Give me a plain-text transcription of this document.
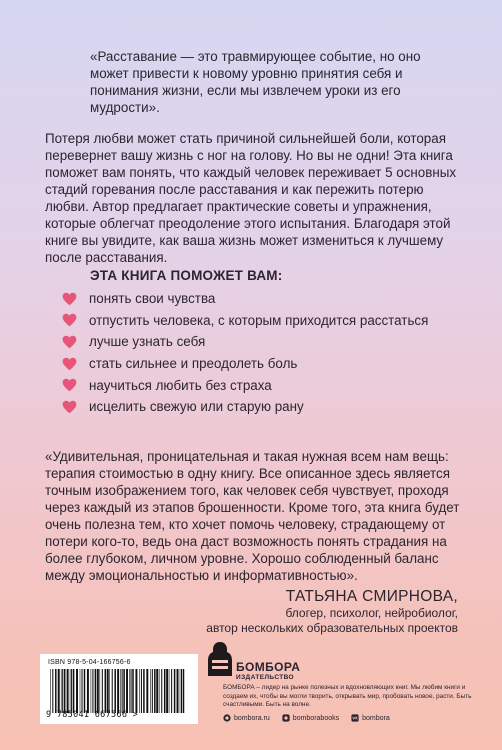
«Расставание — это травмирующее событие, но оно может привести к новому уровню принятия себя и понимания жизни, если мы извлечем уроки из его мудрости».
Потеря любви может стать причиной сильнейшей боли, которая перевернет вашу жизнь с ног на голову. Но вы не одни! Эта книга поможет вам понять, что каждый человек переживает 5 основных стадий горевания после расставания и как пережить потерю любви. Автор предлагает практические советы и упражнения, которые облегчат преодоление этого испытания. Благодаря этой книге вы увидите, как ваша жизнь может измениться к лучшему после расставания.
ЭТА КНИГА ПОМОЖЕТ ВАМ:
понять свои чувства
отпустить человека, с которым приходится расстаться
лучше узнать себя
стать сильнее и преодолеть боль
научиться любить без страха
исцелить свежую или старую рану
«Удивительная, проницательная и такая нужная всем нам вещь: терапия стоимостью в одну книгу. Все описанное здесь является точным изображением того, как человек себя чувствует, проходя через каждый из этапов брошенности. Кроме того, эта книга будет очень полезна тем, кто хочет помочь человеку, страдающему от потери кого-то, ведь она даст возможность понять страдания на более глубоком, личном уровне. Хорошо соблюденный баланс между эмоциональностью и информативностью».
ТАТЬЯНА СМИРНОВА,
блогер, психолог, нейробиолог,
автор нескольких образовательных проектов
ISBN 978-5-04-166756-6
9 785041 667566 >
БОМБОРА
ИЗДАТЕЛЬСТВО
БОМБОРА – лидер на рынке полезных и вдохновляющих книг. Мы любим книги и создаем их, чтобы вы могли творить, открывать мир, пробовать новое, расти. Быть счастливыми. Быть на волне.
bombora.ru	bomborabooks	bombora
